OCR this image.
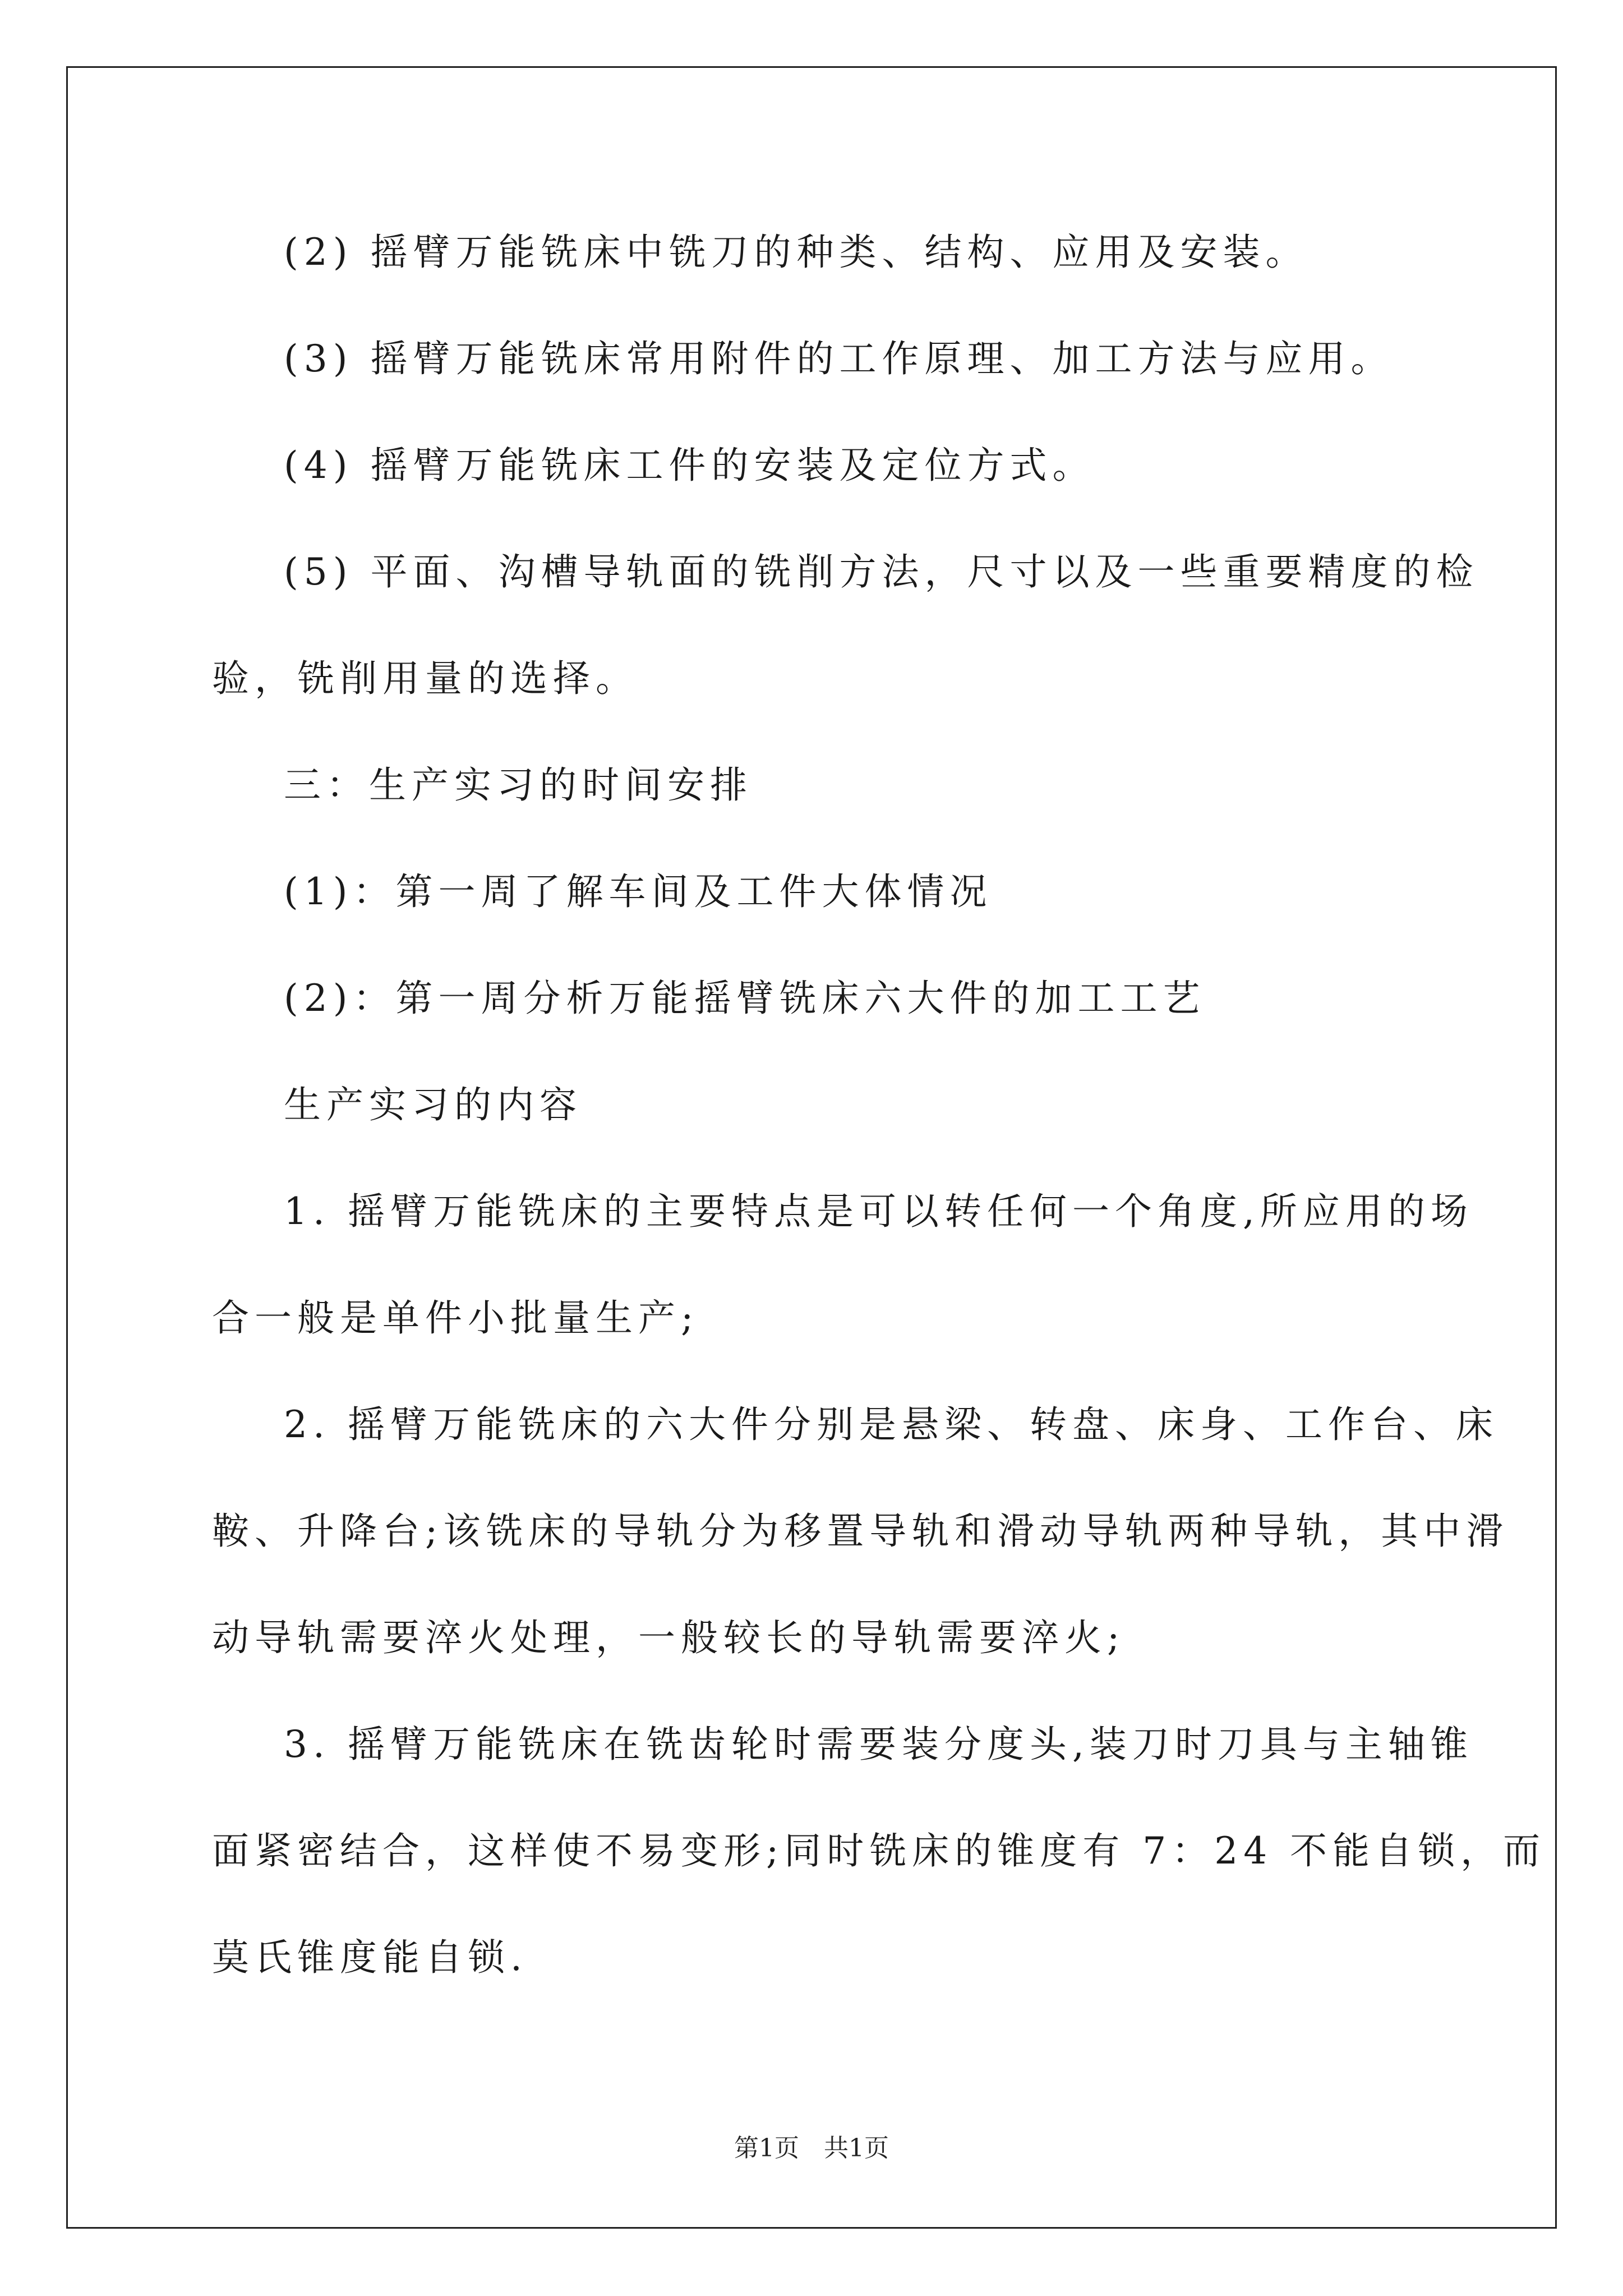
(2) 摇臂万能铣床中铣刀的种类、结构、应用及安装。
(3) 摇臂万能铣床常用附件的工作原理、加工方法与应用。
(4) 摇臂万能铣床工件的安装及定位方式。
(5) 平面、沟槽导轨面的铣削方法，尺寸以及一些重要精度的检
验，铣削用量的选择。
三：生产实习的时间安排
(1)：第一周了解车间及工件大体情况
(2)：第一周分析万能摇臂铣床六大件的加工工艺
生产实习的内容
1. 摇臂万能铣床的主要特点是可以转任何一个角度,所应用的场
合一般是单件小批量生产;
2. 摇臂万能铣床的六大件分别是悬梁、转盘、床身、工作台、床
鞍、升降台;该铣床的导轨分为移置导轨和滑动导轨两种导轨，其中滑
动导轨需要淬火处理，一般较长的导轨需要淬火;
3. 摇臂万能铣床在铣齿轮时需要装分度头,装刀时刀具与主轴锥
面紧密结合，这样使不易变形;同时铣床的锥度有 7：24 不能自锁，而
莫氏锥度能自锁.
第1页　共1页
